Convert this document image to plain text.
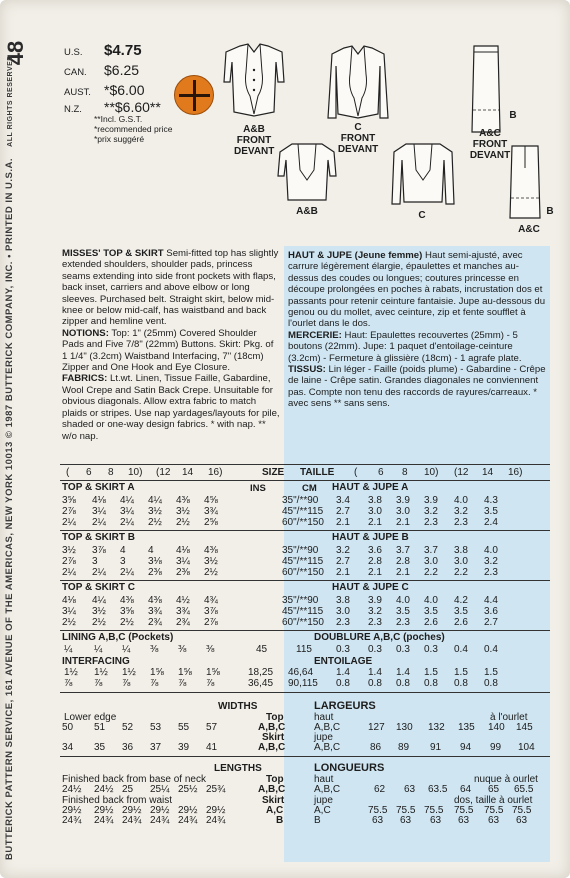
48
BUTTERICK PATTERN SERVICE, 161 AVENUE OF THE AMERICAS, NEW YORK 10013 © 1987 BUTTERICK COMPANY, INC. • PRINTED IN U.S.A. ALL RIGHTS RESERVED
U.S.	$4.75
CAN.	$6.25
AUST. *$6.00
N.Z.	**$6.60**
**Incl. G.S.T.
*recommended price
*prix suggéré
A&B
FRONT
DEVANT
C
FRONT
DEVANT
B
A&C
FRONT
DEVANT
A&B	C	B
A&C

MISSES' TOP & SKIRT Semi-fitted top has slightly extended shoulders, shoulder pads, princess seams extending into side front pockets with flaps, back inset, carriers and above elbow or long sleeves. Purchased belt. Straight skirt, below mid-knee or below mid-calf, has waistband and back zipper and hemline vent.

NOTIONS: Top: 1" (25mm) Covered Shoulder Pads and Five 7/8" (22mm) Buttons. Skirt: Pkg. of 1 1/4" (3.2cm) Waistband Interfacing, 7" (18cm) Zipper and One Hook and Eye Closure.

FABRICS: Lt.wt. Linen, Tissue Faille, Gabardine, Wool Crepe and Satin Back Crepe. Unsuitable for obvious diagonals. Allow extra fabric to match plaids or stripes. Use nap yardages/layouts for pile, shaded or one-way design fabrics. * with nap. ** w/o nap.

HAUT & JUPE (Jeune femme) Haut semi-ajusté, avec carrure légèrement élargie, épaulettes et manches au-dessus des coudes ou longues; coutures princesse en découpe prolongées en poches à rabats, incrustation dos et passants pour retenir ceinture fantaisie. Jupe au-dessous du genou ou du mollet, avec ceinture, zip et fente soufflet à l'ourlet dans le dos.

MERCERIE: Haut: Epaulettes recouvertes (25mm) - 5 boutons (22mm). Jupe: 1 paquet d'entoilage-ceinture (3.2cm) - Fermeture à glissière (18cm) - 1 agrafe plate.

TISSUS: Lin léger - Faille (poids plume) - Gabardine - Crêpe de laine - Crêpe satin. Grandes diagonales ne conviennent pas. Compte non tenu des raccords de rayures/carreaux. * avec sens ** sans sens.

( 6 8 10) (12 14 16)	SIZE TAILLE ( 6 8 10) (12 14 16)
INS	CM
TOP & SKIRT A	HAUT & JUPE A
3⅝ 4⅛ 4¼ 4¼ 4⅜ 4⅝	35"/**90 3.4 3.8 3.9 3.9 4.0 4.3
2⅞ 3¼ 3¼ 3½ 3½ 3¾	45"/**115 2.7 3.0 3.0 3.2 3.2 3.5
2¼ 2¼ 2¼ 2½ 2½ 2⅝	60"/**150 2.1 2.1 2.1 2.3 2.3 2.4
TOP & SKIRT B	HAUT & JUPE B
3½ 3⅞ 4 4 4⅛ 4⅜	35"/**90 3.2 3.6 3.7 3.7 3.8 4.0
2⅞ 3 3 3⅛ 3¼ 3½	45"/**115 2.7 2.8 2.8 3.0 3.0 3.2
2¼ 2¼ 2¼ 2⅜ 2⅜ 2½	60"/**150 2.1 2.1 2.1 2.2 2.2 2.3
TOP & SKIRT C	HAUT & JUPE C
4⅛ 4¼ 4⅜ 4⅜ 4½ 4¾	35"/**90 3.8 3.9 4.0 4.0 4.2 4.4
3¼ 3½ 3⅝ 3¾ 3¾ 3⅞	45"/**115 3.0 3.2 3.5 3.5 3.5 3.6
2½ 2½ 2½ 2¾ 2¾ 2⅞	60"/**150 2.3 2.3 2.3 2.6 2.6 2.7
LINING A,B,C (Pockets)	DOUBLURE A,B,C (poches)
¼ ¼ ¼ ⅜ ⅜ ⅜	45	115 0.3 0.3 0.3 0.3 0.4 0.4
INTERFACING	ENTOILAGE
1½ 1½ 1½ 1⅝ 1⅝ 1⅝	18,25 46,64 1.4 1.4 1.4 1.5 1.5 1.5
⅞ ⅞ ⅞ ⅞ ⅞ ⅞	36,45 90,115 0.8 0.8 0.8 0.8 0.8 0.8
WIDTHS	LARGEURS
Lower edge	Top	haut	à l'ourlet
50 51 52 53 55 57	A,B,C	A,B,C	127 130 132 135 140 145
Skirt	jupe
34 35 36 37 39 41	A,B,C	A,B,C	86 89 91 94 99 104
LENGTHS	LONGUEURS
Finished back from base of neck	Top	haut	nuque à ourlet
24½ 24½ 25 25¼ 25½ 25¾	A,B,C	A,B,C	62 63 63.5 64 65 65.5
Finished back from waist	Skirt	jupe	dos, taille à ourlet
29½ 29½ 29½ 29½ 29½ 29½	A,C	A,C	75.5 75.5 75.5 75.5 75.5 75.5
24¾ 24¾ 24¾ 24¾ 24¾ 24¾	B	B	63 63 63 63 63 63
